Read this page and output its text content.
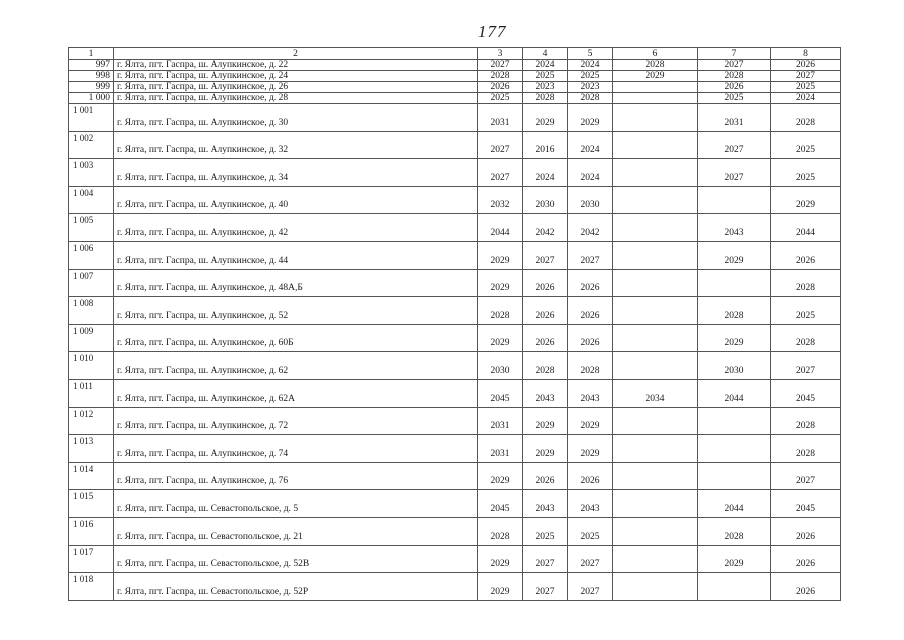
177
1	2	3	4	5	6	7	8
997	г. Ялта, пгт. Гаспра, ш. Алупкинское, д. 22	2027	2024	2024	2028	2027	2026
998	г. Ялта, пгт. Гаспра, ш. Алупкинское, д. 24	2028	2025	2025	2029	2028	2027
999	г. Ялта, пгт. Гаспра, ш. Алупкинское, д. 26	2026	2023	2023		2026	2025
1 000	г. Ялта, пгт. Гаспра, ш. Алупкинское, д. 28	2025	2028	2028		2025	2024
1 001	г. Ялта, пгт. Гаспра, ш. Алупкинское, д. 30	2031	2029	2029		2031	2028
1 002	г. Ялта, пгт. Гаспра, ш. Алупкинское, д. 32	2027	2016	2024		2027	2025
1 003	г. Ялта, пгт. Гаспра, ш. Алупкинское, д. 34	2027	2024	2024		2027	2025
1 004	г. Ялта, пгт. Гаспра, ш. Алупкинское, д. 40	2032	2030	2030			2029
1 005	г. Ялта, пгт. Гаспра, ш. Алупкинское, д. 42	2044	2042	2042		2043	2044
1 006	г. Ялта, пгт. Гаспра, ш. Алупкинское, д. 44	2029	2027	2027		2029	2026
1 007	г. Ялта, пгт. Гаспра, ш. Алупкинское, д. 48А,Б	2029	2026	2026			2028
1 008	г. Ялта, пгт. Гаспра, ш. Алупкинское, д. 52	2028	2026	2026		2028	2025
1 009	г. Ялта, пгт. Гаспра, ш. Алупкинское, д. 60Б	2029	2026	2026		2029	2028
1 010	г. Ялта, пгт. Гаспра, ш. Алупкинское, д. 62	2030	2028	2028		2030	2027
1 011	г. Ялта, пгт. Гаспра, ш. Алупкинское, д. 62А	2045	2043	2043	2034	2044	2045
1 012	г. Ялта, пгт. Гаспра, ш. Алупкинское, д. 72	2031	2029	2029			2028
1 013	г. Ялта, пгт. Гаспра, ш. Алупкинское, д. 74	2031	2029	2029			2028
1 014	г. Ялта, пгт. Гаспра, ш. Алупкинское, д. 76	2029	2026	2026			2027
1 015	г. Ялта, пгт. Гаспра, ш. Севастопольское, д. 5	2045	2043	2043		2044	2045
1 016	г. Ялта, пгт. Гаспра, ш. Севастопольское, д. 21	2028	2025	2025		2028	2026
1 017	г. Ялта, пгт. Гаспра, ш. Севастопольское, д. 52В	2029	2027	2027		2029	2026
1 018	г. Ялта, пгт. Гаспра, ш. Севастопольское, д. 52Р	2029	2027	2027			2026
